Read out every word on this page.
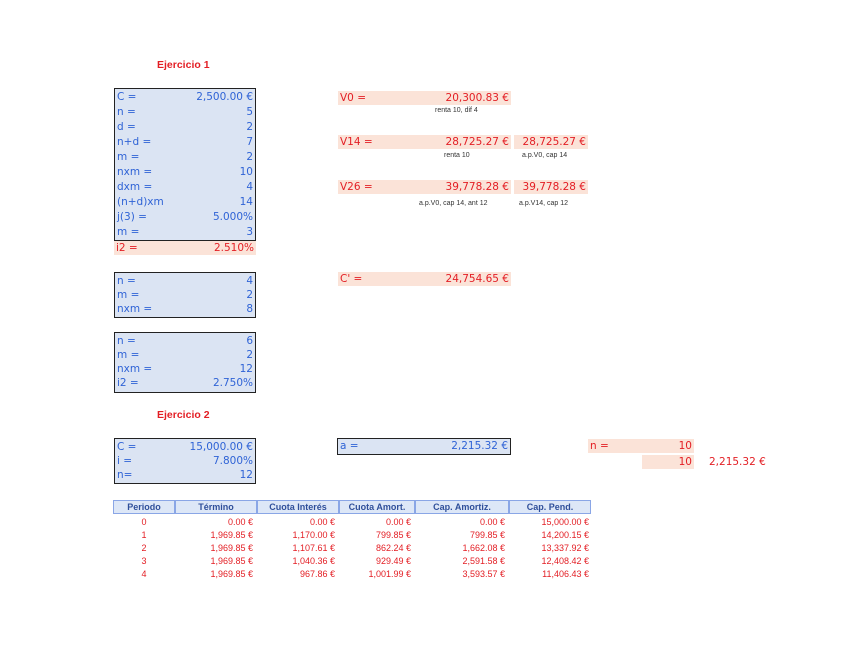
Ejercicio 1
C =	2,500.00 €
n =	5
d =	2
n+d =	7
m =	2
nxm =	10
dxm =	4
(n+d)xm	14
j(3) =	5.000%
m =	3
i2 =	2.510%
n =	4
m =	2
nxm =	8
n =	6
m =	2
nxm =	12
i2 =	2.750%
V0 =	20,300.83 €
renta 10, dif 4
V14 =	28,725.27 € 28,725.27 €
renta 10	a.p.V0, cap 14
V26 =	39,778.28 € 39,778.28 €
a.p.V0, cap 14, ant 12	a.p.V14, cap 12
C' =	24,754.65 €
Ejercicio 2
C =	15,000.00 €
i =	7.800%
n=	12
a =	2,215.32 €	n =	10
10 2,215.32 €
Periodo	Término	Cuota Interés	Cuota Amort.	Cap. Amortiz.	Cap. Pend.
0	0.00 €	0.00 €	0.00 €	0.00 €	15,000.00 €
1	1,969.85 €	1,170.00 €	799.85 €	799.85 €	14,200.15 €
2	1,969.85 €	1,107.61 €	862.24 €	1,662.08 €	13,337.92 €
3	1,969.85 €	1,040.36 €	929.49 €	2,591.58 €	12,408.42 €
4	1,969.85 €	967.86 €	1,001.99 €	3,593.57 €	11,406.43 €
